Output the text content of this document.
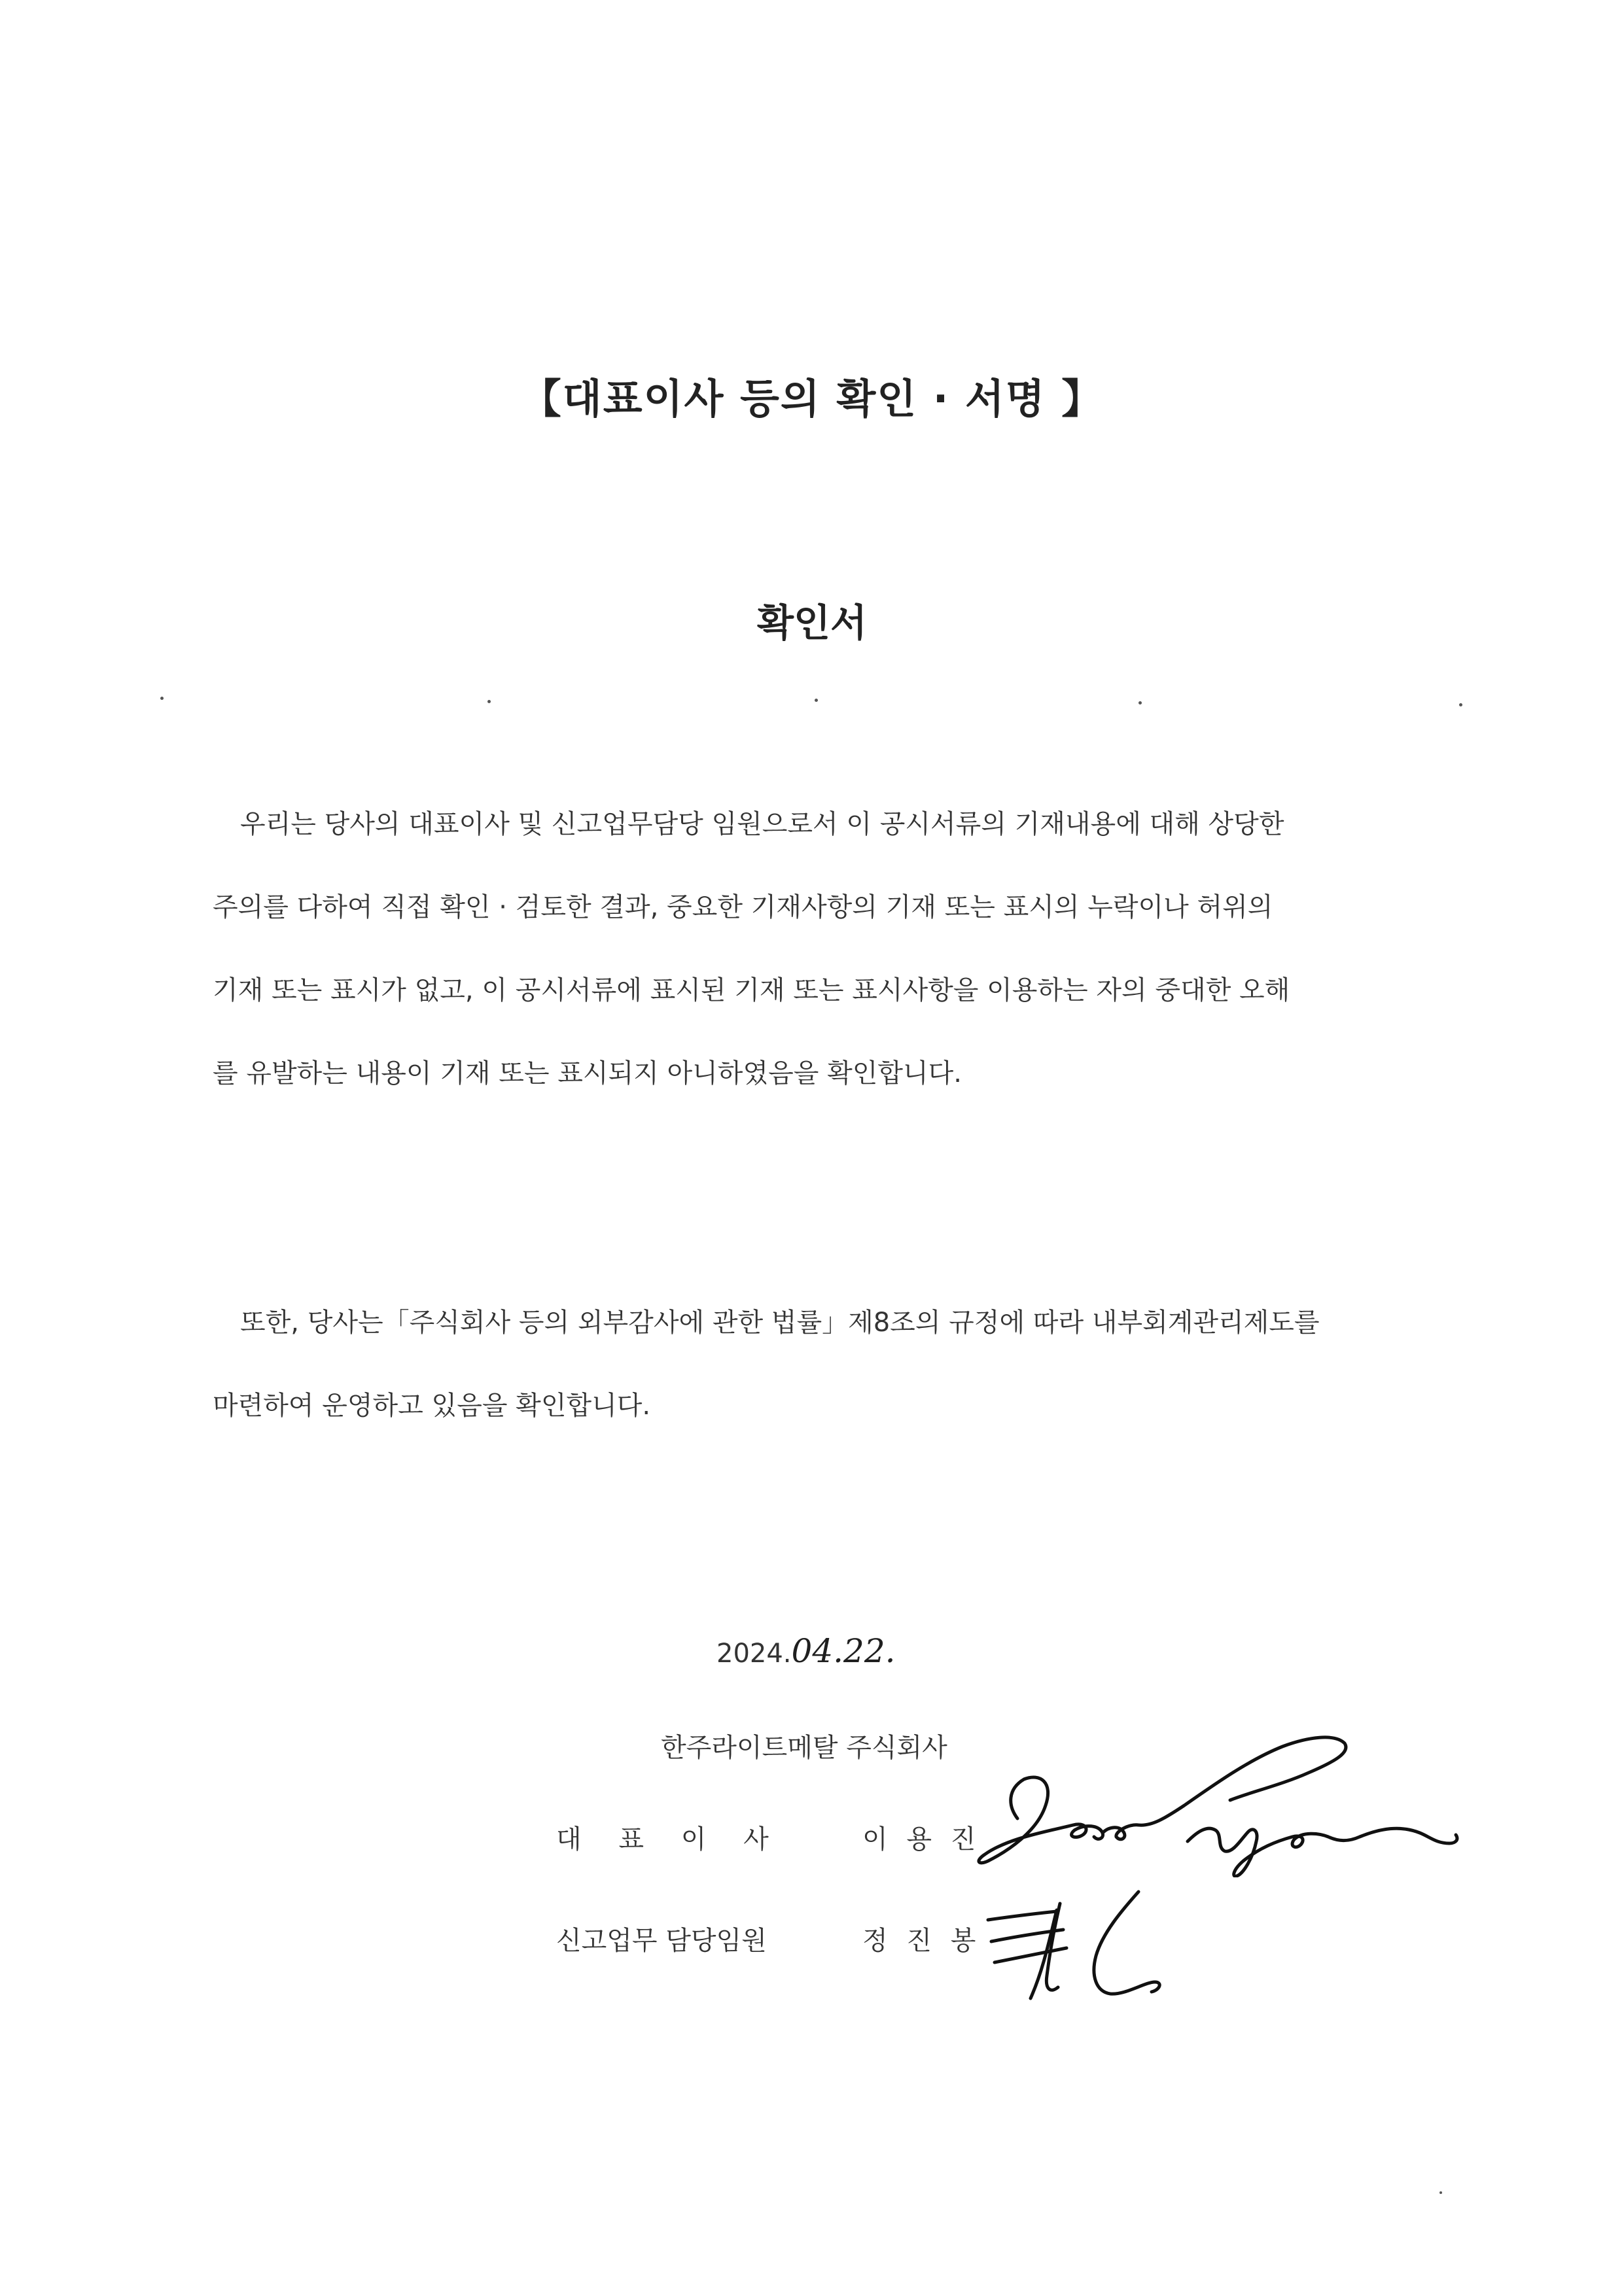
【대표이사 등의 확인 · 서명 】
확인서
우리는 당사의 대표이사 및 신고업무담당 임원으로서 이 공시서류의 기재내용에 대해 상당한
주의를 다하여 직접 확인 · 검토한 결과, 중요한 기재사항의 기재 또는 표시의 누락이나 허위의
기재 또는 표시가 없고, 이 공시서류에 표시된 기재 또는 표시사항을 이용하는 자의 중대한 오해
를 유발하는 내용이 기재 또는 표시되지 아니하였음을 확인합니다.
또한, 당사는「주식회사 등의 외부감사에 관한 법률」제8조의 규정에 따라 내부회계관리제도를
마련하여 운영하고 있음을 확인합니다.
2024.04.22.
한주라이트메탈 주식회사
대 표 이 사	이 용 진
신고업무 담당임원	정 진 봉
